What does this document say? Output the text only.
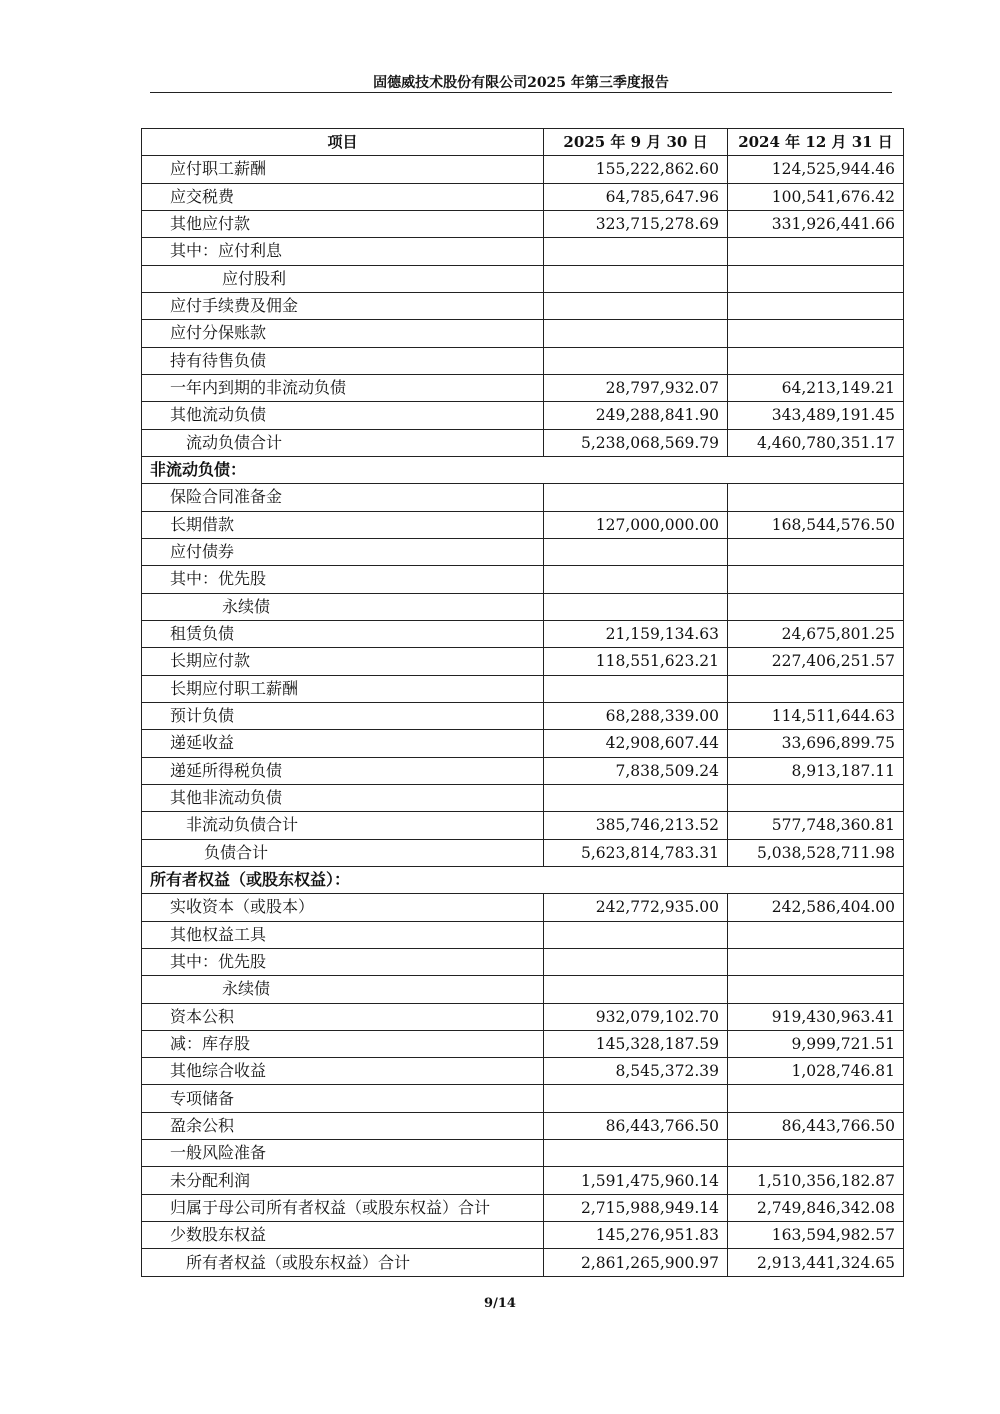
固德威技术股份有限公司2025 年第三季度报告
项目	2025 年 9 月 30 日	2024 年 12 月 31 日
应付职工薪酬	155,222,862.60	124,525,944.46
应交税费	64,785,647.96	100,541,676.42
其他应付款	323,715,278.69	331,926,441.66
其中：应付利息		
应付股利		
应付手续费及佣金		
应付分保账款		
持有待售负债		
一年内到期的非流动负债	28,797,932.07	64,213,149.21
其他流动负债	249,288,841.90	343,489,191.45
流动负债合计	5,238,068,569.79	4,460,780,351.17
非流动负债：		
保险合同准备金		
长期借款	127,000,000.00	168,544,576.50
应付债券		
其中：优先股		
永续债		
租赁负债	21,159,134.63	24,675,801.25
长期应付款	118,551,623.21	227,406,251.57
长期应付职工薪酬		
预计负债	68,288,339.00	114,511,644.63
递延收益	42,908,607.44	33,696,899.75
递延所得税负债	7,838,509.24	8,913,187.11
其他非流动负债		
非流动负债合计	385,746,213.52	577,748,360.81
负债合计	5,623,814,783.31	5,038,528,711.98
所有者权益（或股东权益）：		
实收资本（或股本）	242,772,935.00	242,586,404.00
其他权益工具		
其中：优先股		
永续债		
资本公积	932,079,102.70	919,430,963.41
减：库存股	145,328,187.59	9,999,721.51
其他综合收益	8,545,372.39	1,028,746.81
专项储备		
盈余公积	86,443,766.50	86,443,766.50
一般风险准备		
未分配利润	1,591,475,960.14	1,510,356,182.87
归属于母公司所有者权益（或股东权益）合计	2,715,988,949.14	2,749,846,342.08
少数股东权益	145,276,951.83	163,594,982.57
所有者权益（或股东权益）合计	2,861,265,900.97	2,913,441,324.65
9/14
